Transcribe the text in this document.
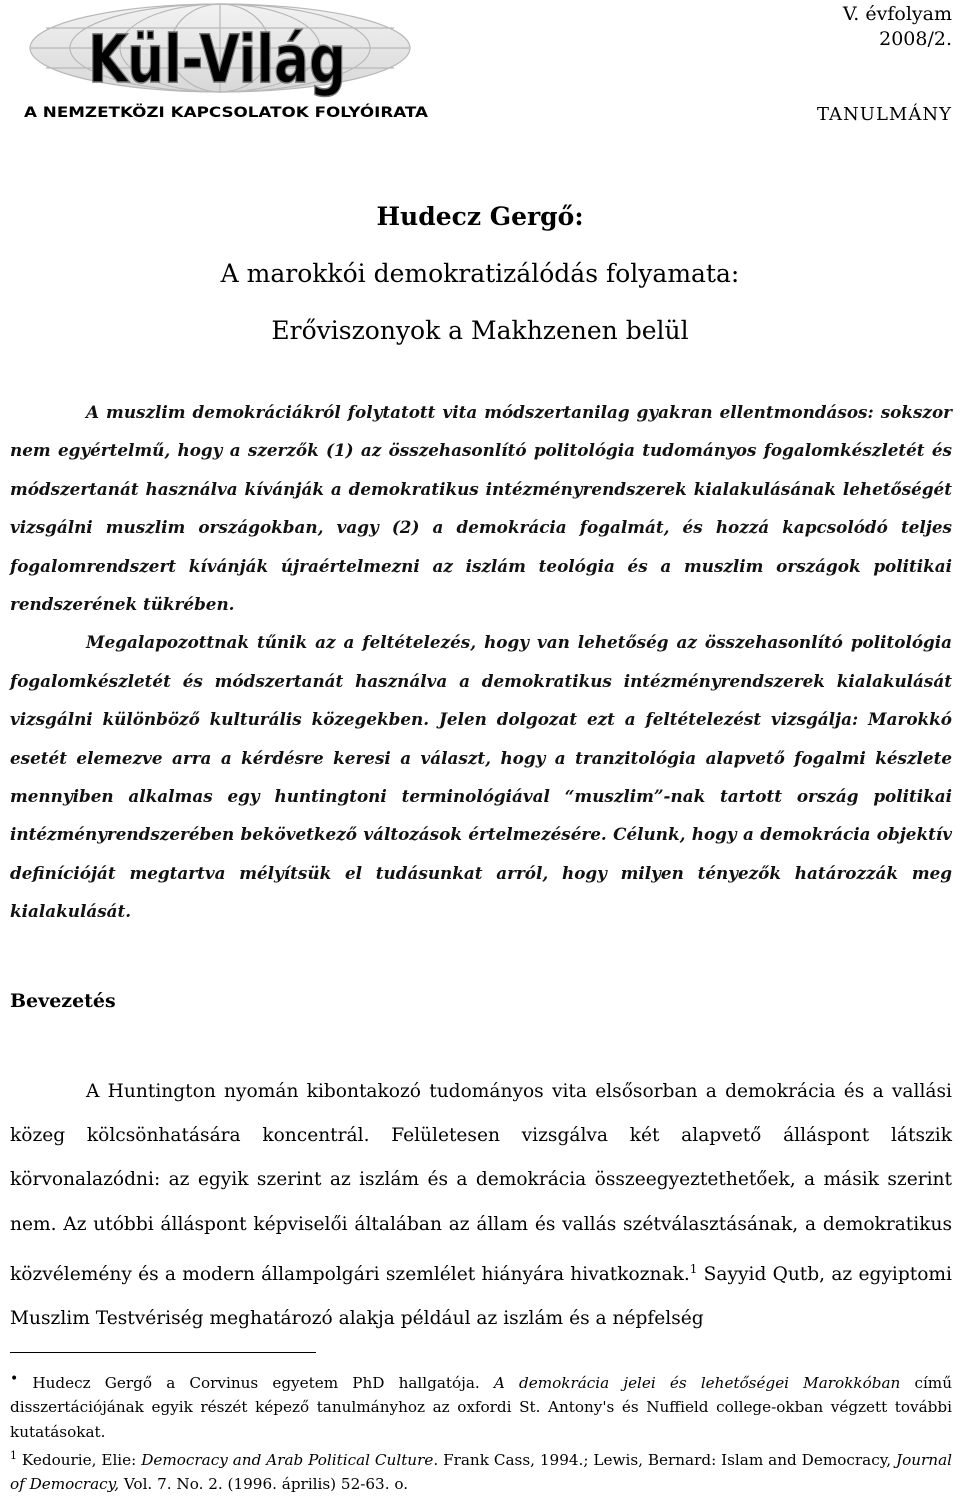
Kül-Világ
A NEMZETKÖZI KAPCSOLATOK FOLYÓIRATA
V. évfolyam
2008/2.
TANULMÁNY
Hudecz Gergő:
A marokkói demokratizálódás folyamata:
Erőviszonyok a Makhzenen belül

A muszlim demokráciákról folytatott vita módszertanilag gyakran ellentmondásos: sokszor nem egyértelmű, hogy a szerzők (1) az összehasonlító politológia tudományos fogalomkészletét és módszertanát használva kívánják a demokratikus intézményrendszerek kialakulásának lehetőségét vizsgálni muszlim országokban, vagy (2) a demokrácia fogalmát, és hozzá kapcsolódó teljes fogalomrendszert kívánják újraértelmezni az iszlám teológia és a muszlim országok politikai rendszerének tükrében.

Megalapozottnak tűnik az a feltételezés, hogy van lehetőség az összehasonlító politológia fogalomkészletét és módszertanát használva a demokratikus intézményrendszerek kialakulását vizsgálni különböző kulturális közegekben. Jelen dolgozat ezt a feltételezést vizsgálja: Marokkó esetét elemezve arra a kérdésre keresi a választ, hogy a tranzitológia alapvető fogalmi készlete mennyiben alkalmas egy huntingtoni terminológiával “muszlim”-nak tartott ország politikai intézményrendszerében bekövetkező változások értelmezésére. Célunk, hogy a demokrácia objektív definícióját megtartva mélyítsük el tudásunkat arról, hogy milyen tényezők határozzák meg kialakulását.

Bevezetés

A Huntington nyomán kibontakozó tudományos vita elsősorban a demokrácia és a vallási közeg kölcsönhatására koncentrál. Felületesen vizsgálva két alapvető álláspont látszik körvonalazódni: az egyik szerint az iszlám és a demokrácia összeegyeztethetőek, a másik szerint nem. Az utóbbi álláspont képviselői általában az állam és vallás szétválasztásának, a demokratikus közvélemény és a modern állampolgári szemlélet hiányára hivatkoznak.$^1$ Sayyid Qutb, az egyiptomi Muszlim Testvériség meghatározó alakja például az iszlám és a népfelség

• Hudecz Gergő a Corvinus egyetem PhD hallgatója. A demokrácia jelei és lehetőségei Marokkóban című disszertációjának egyik részét képező tanulmányhoz az oxfordi St. Antony's és Nuffield college-okban végzett további kutatásokat.

$^1$ Kedourie, Elie: Democracy and Arab Political Culture. Frank Cass, 1994.; Lewis, Bernard: Islam and Democracy, Journal of Democracy, Vol. 7. No. 2. (1996. április) 52-63. o.
